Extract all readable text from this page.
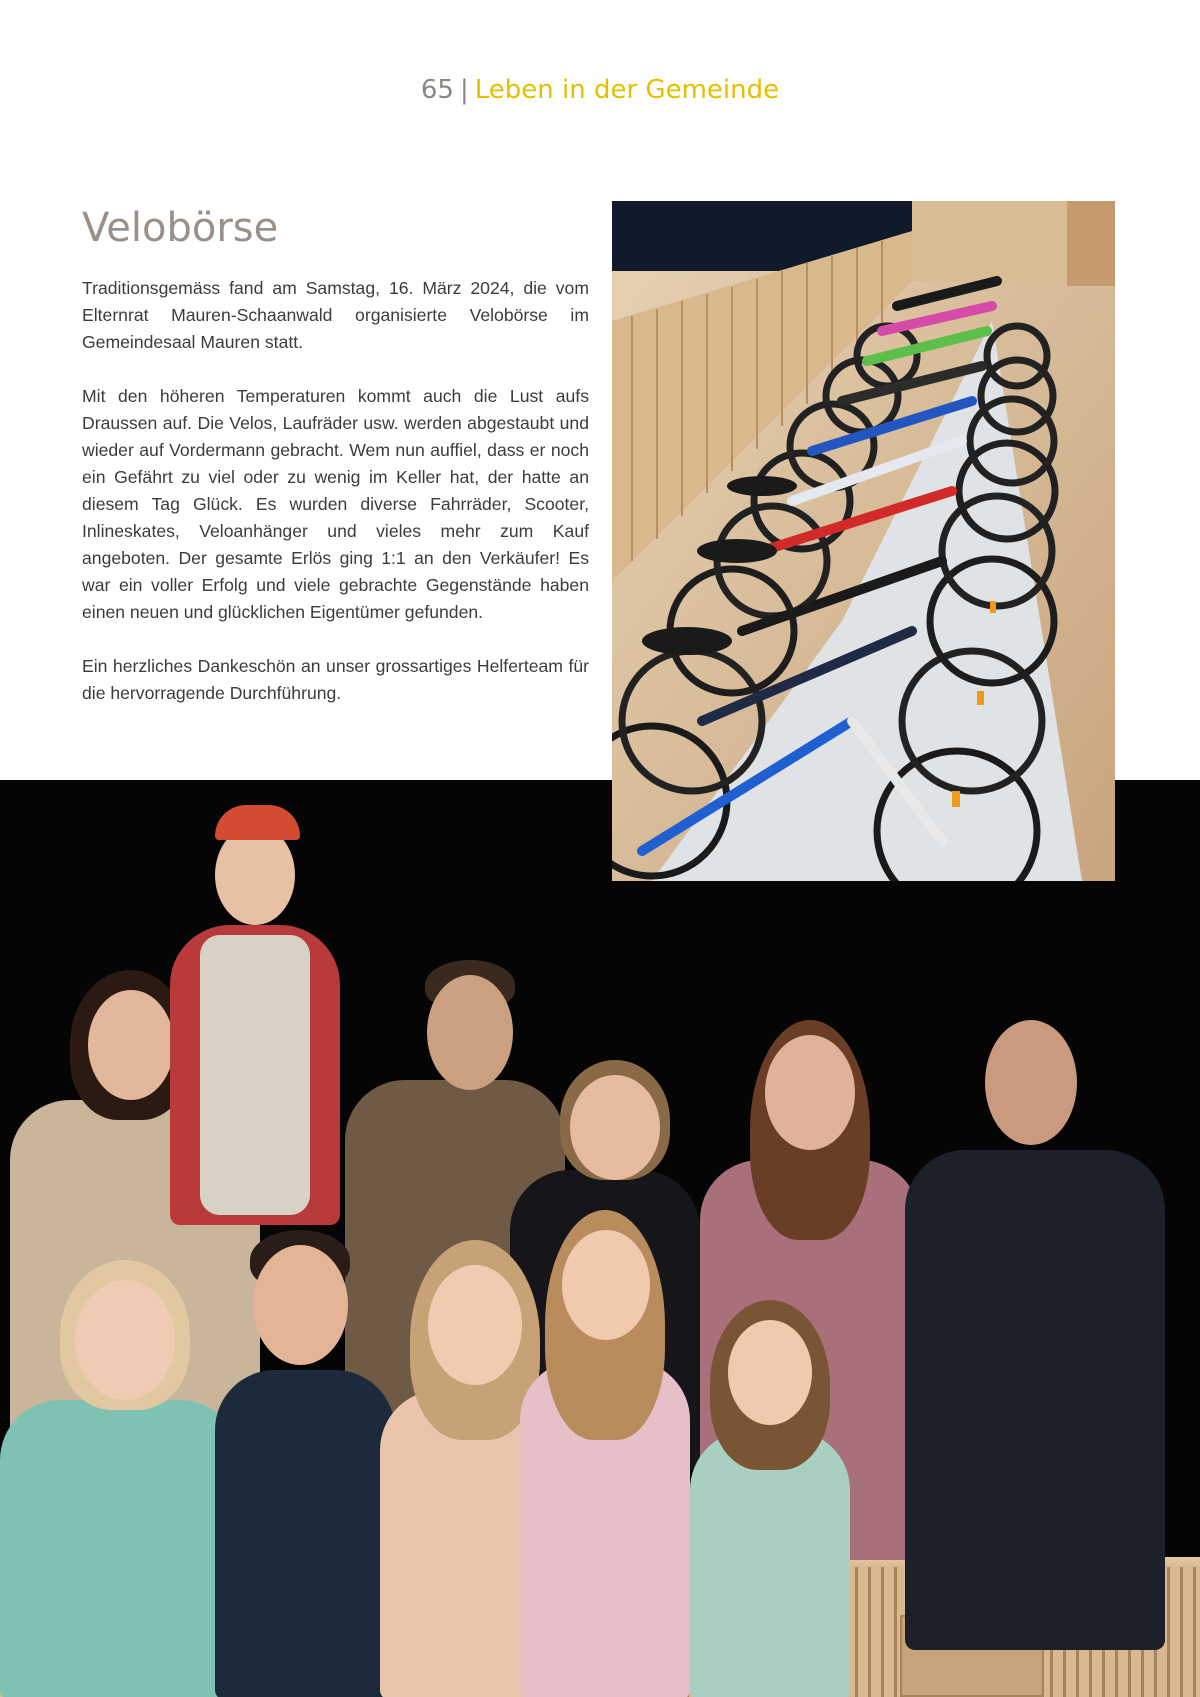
65 | Leben in der Gemeinde
Velobörse

Traditionsgemäss fand am Samstag, 16. März 2024, die vom Elternrat Mauren-Schaanwald organisierte Velobörse im Gemeindesaal Mauren statt.

Mit den höheren Temperaturen kommt auch die Lust aufs Draussen auf. Die Velos, Laufräder usw. werden abgestaubt und wieder auf Vordermann gebracht. Wem nun auffiel, dass er noch ein Gefährt zu viel oder zu wenig im Keller hat, der hatte an diesem Tag Glück. Es wurden diverse Fahrräder, Scooter, Inlineskates, Veloanhänger und vieles mehr zum Kauf angeboten. Der gesamte Erlös ging 1:1 an den Verkäufer! Es war ein voller Erfolg und viele gebrachte Gegenstände haben einen neuen und glücklichen Eigentümer gefunden.

Ein herzliches Dankeschön an unser grossartiges Helferteam für die hervorragende Durchführung.
